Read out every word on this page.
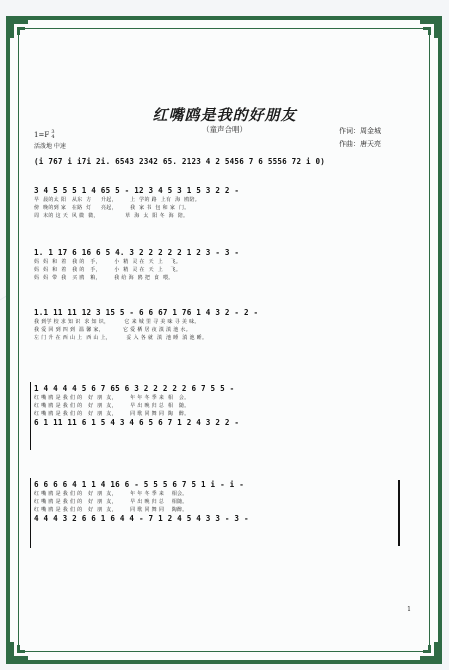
红嘴鸥是我的好朋友
（童声合唱）
1=F 3
4
活泼地 中速
作词：周金城
作曲：唐天亮
(i 767 i i7i 2i. 6543 2342 65. 2123 4 2 5456 7 6 5556 72 i 0)
3 4 5 5 5 1 4 65 5 - 12 3 4 5 3 1 5 3 2 2 -
早  晨的太 阳   从东  方     升起，       上  学的 路  上有  海  鸥陪。
傍  晚的到 家   在路  灯     亮起，       我  家 书  包 和 家  门。
周  末的 这 天  风 微  微，              草  海  太  阳 冬  海  陪。
1. 1 17 6 16 6 5 4. 3 2 2 2 2 2 1 2 3 - 3 -
妈  妈  和  着   我 的   手，       小  精  灵 在  天  上    飞。
妈  妈  和  着   我 的   手，       小  精  灵 在  天  上    飞。
妈  妈  带  我   买 鸥   粮，       我 给 海  鸥 把  食  喂。
1.1 11 11 12 3 15 5 - 6 6 67 1 76 1 4 3 2 - 2 -
我 到学 校 求 知 识  求 知 识，        它 来 城 里 寻 美 味 寻 美 味。
我 爱 回 到 四 到  温 馨 家，          它 爱 栖 居 夜 滇 滇 池 水。
左 门 升 在 西 山 上  西 山 上，        妥 入 各 就  滇  池 睡  滇 池 睡。
1 4 4 4 4 5 6 7 65 6 3 2 2 2 2 2 6 7 5 5 -
红 嘴 鸥 是 我 们 的   好  朋  友，       年 年 冬 季 来  相   会。
红 嘴 鸥 是 我 们 的   好  朋  友，       早 出 晚 归 总  相   随。
红 嘴 鸥 是 我 们 的   好  朋  友，       同 歌 同 舞 同  陶   醉。
6 1 11 11 6 1 5 4 3 4 6 5 6 7 1 2 4 3 2 2 -
6 6 6 6 4 1 1 4 16 6 - 5 5 5 6 7 5 1 i - i -
红 嘴 鸥 是 我 们 的   好  朋  友，       年 年 冬 季 来    相会。
红 嘴 鸥 是 我 们 的   好  朋  友，       早 出 晚 归 总    相随。
红 嘴 鸥 是 我 们 的   好  朋  友，       同 歌 同 舞 同    陶醉。
4 4 4 3 2 6 6 1 6 4 4 - 7 1 2 4 5 4 3 3 - 3 -
1
